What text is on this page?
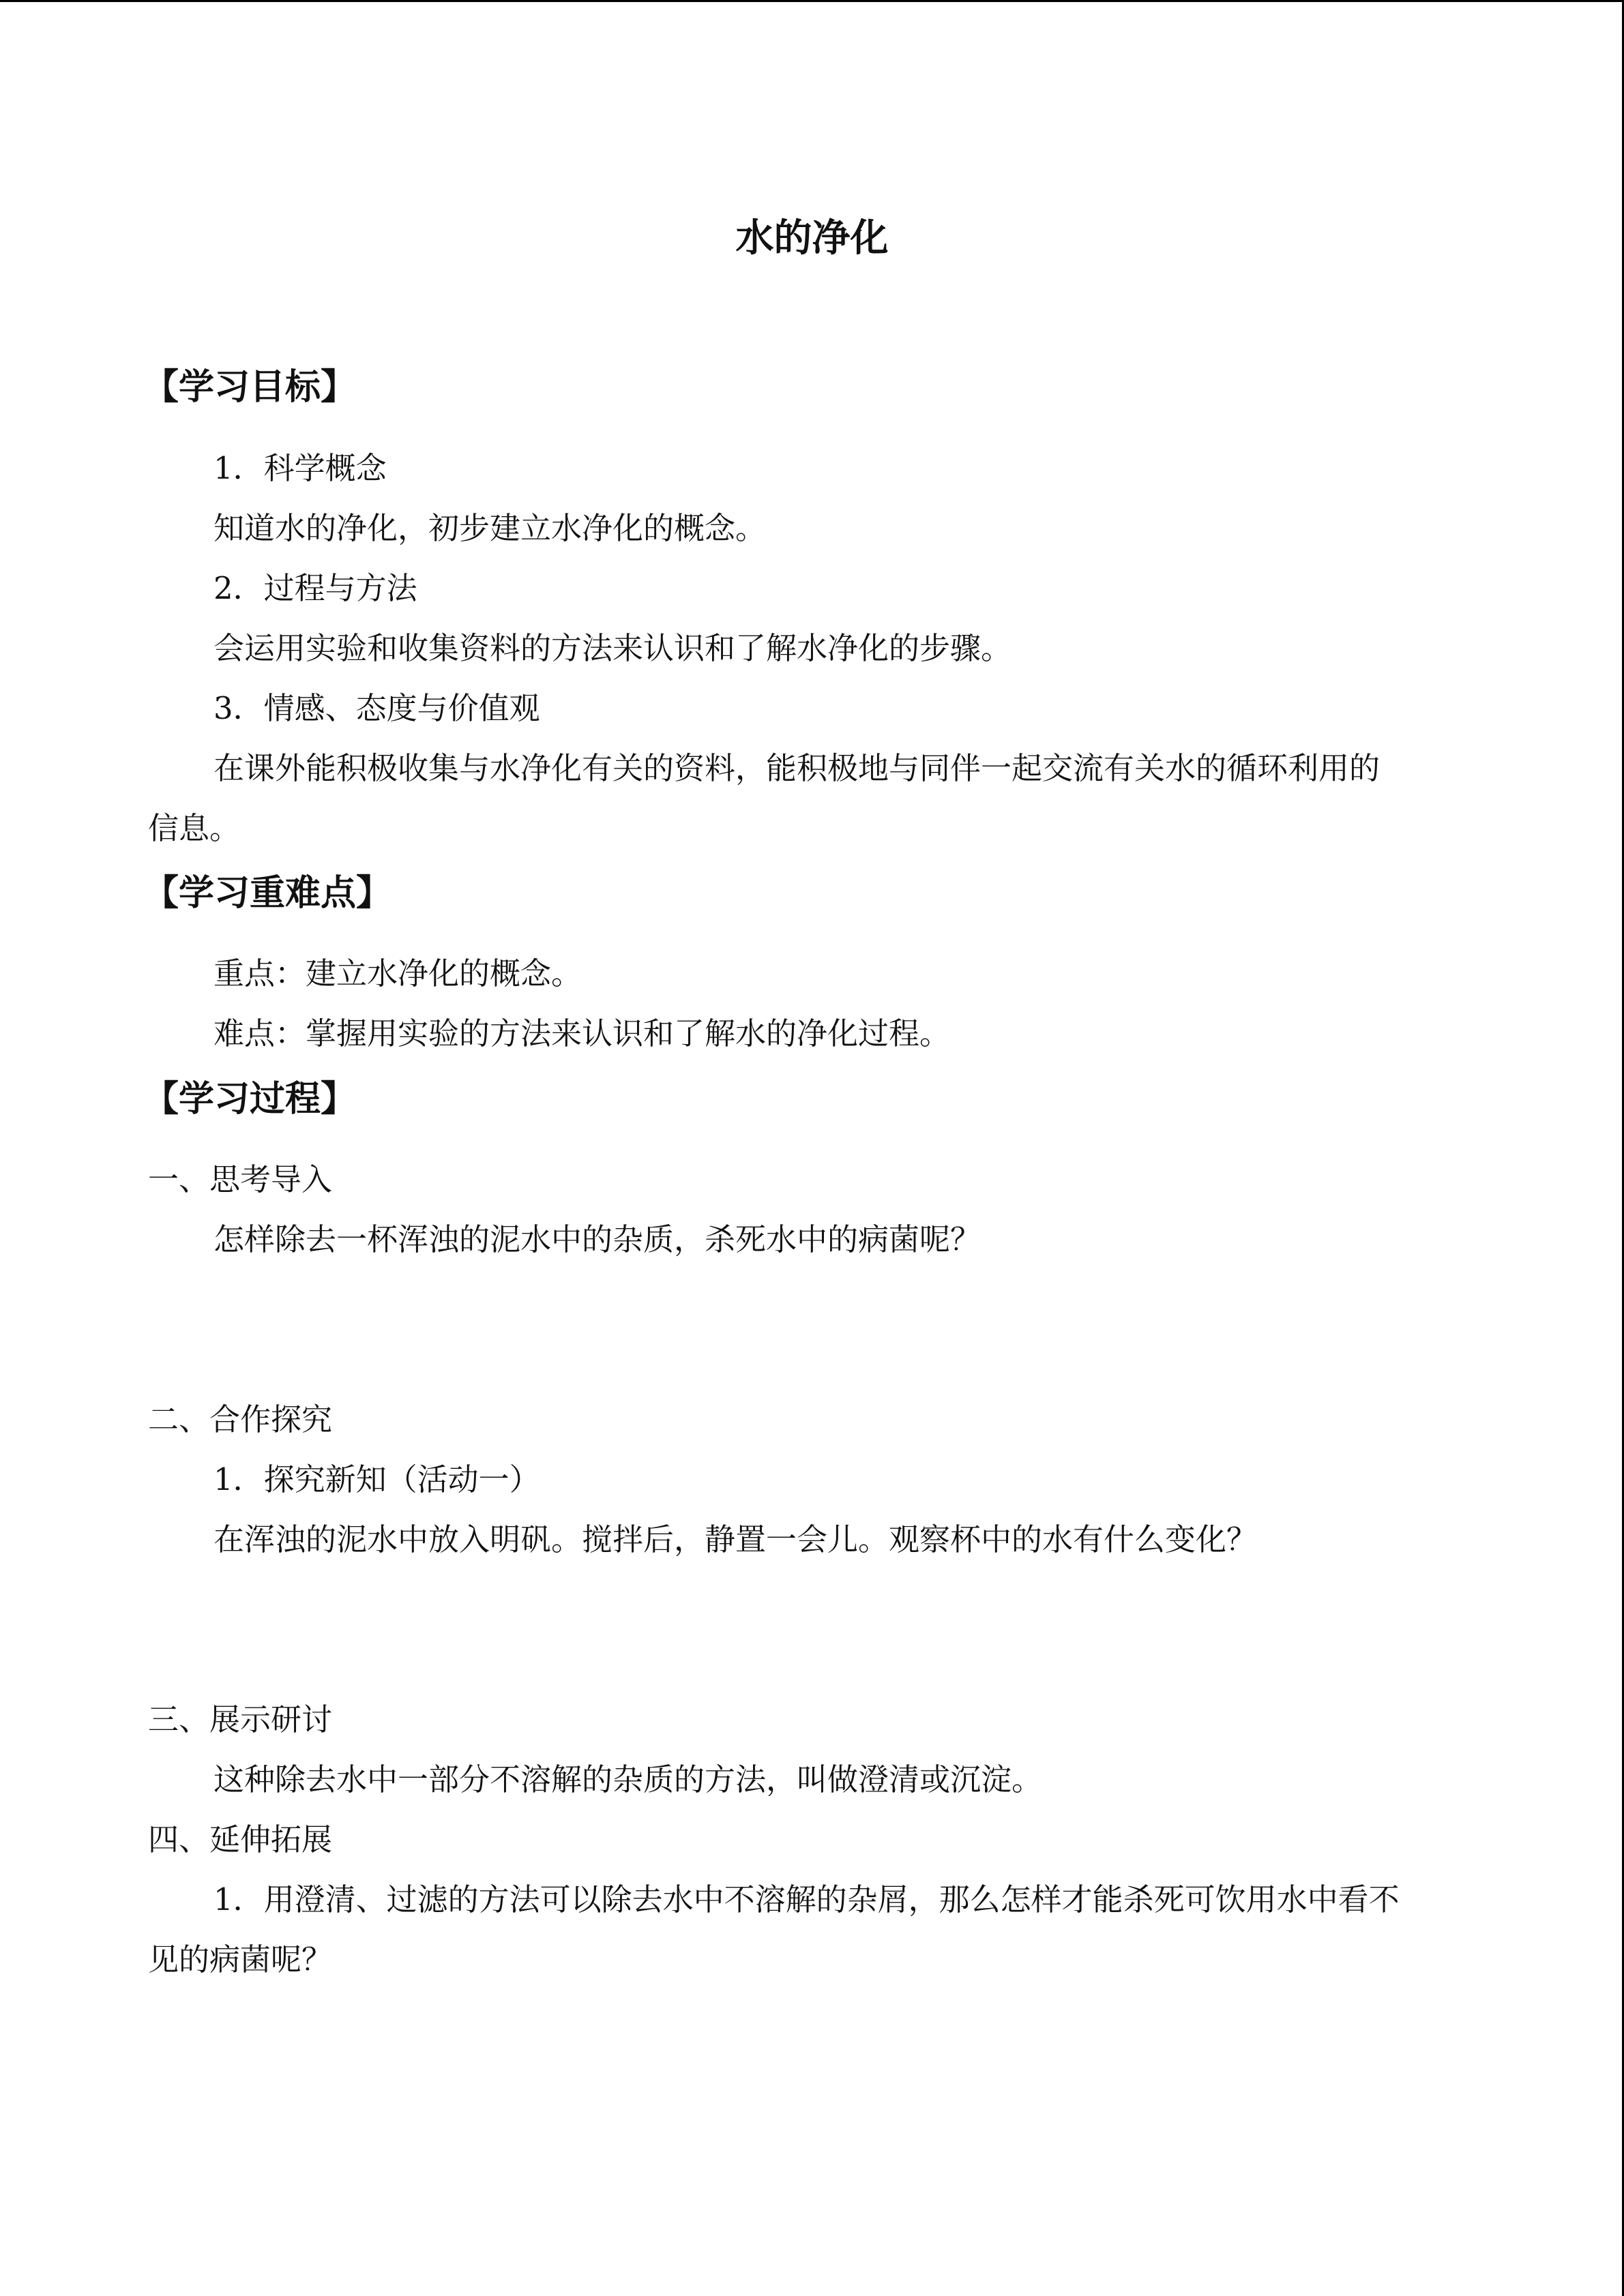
水的净化
【学习目标】
1．科学概念
知道水的净化，初步建立水净化的概念。
2．过程与方法
会运用实验和收集资料的方法来认识和了解水净化的步骤。
3．情感、态度与价值观
在课外能积极收集与水净化有关的资料，能积极地与同伴一起交流有关水的循环利用的
信息。
【学习重难点】
重点：建立水净化的概念。
难点：掌握用实验的方法来认识和了解水的净化过程。
【学习过程】
一、思考导入
怎样除去一杯浑浊的泥水中的杂质，杀死水中的病菌呢？
二、合作探究
1．探究新知（活动一）
在浑浊的泥水中放入明矾。搅拌后，静置一会儿。观察杯中的水有什么变化？
三、展示研讨
这种除去水中一部分不溶解的杂质的方法，叫做澄清或沉淀。
四、延伸拓展
1．用澄清、过滤的方法可以除去水中不溶解的杂屑，那么怎样才能杀死可饮用水中看不
见的病菌呢？
